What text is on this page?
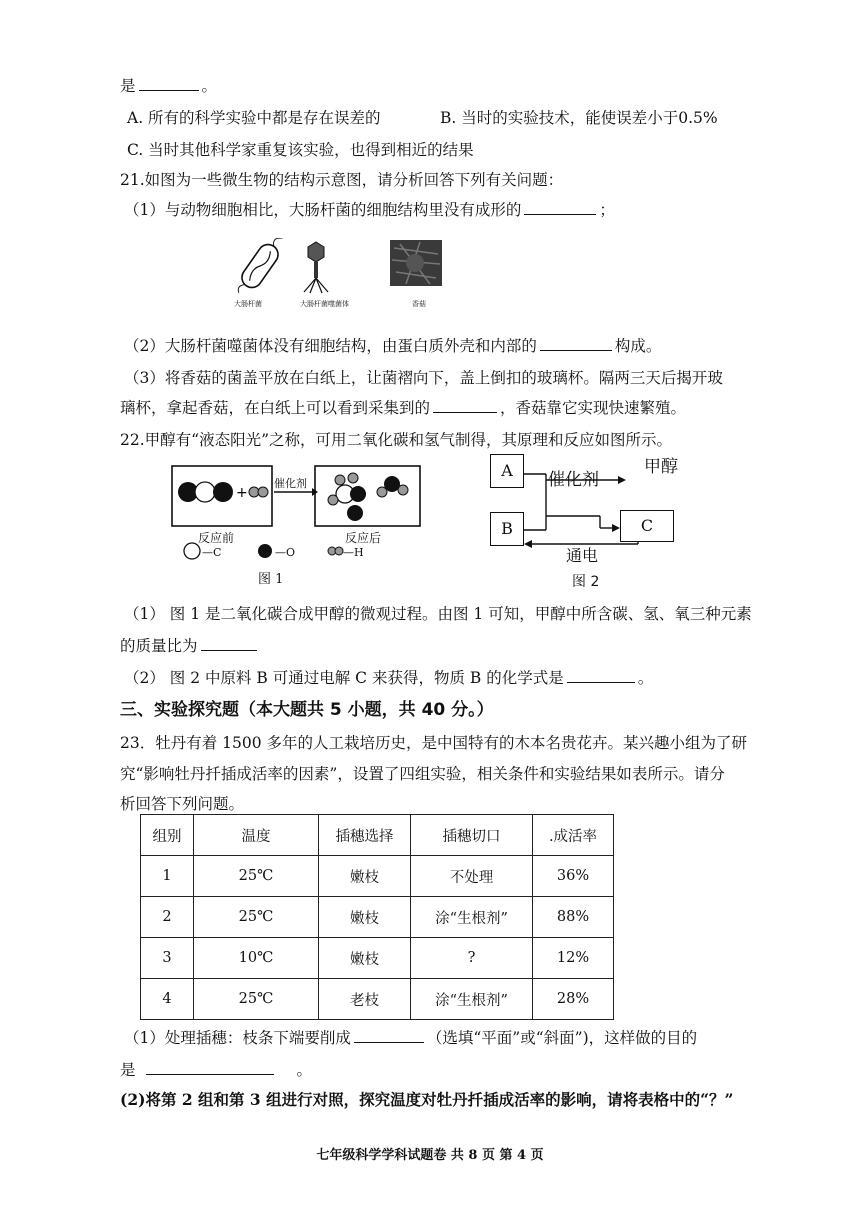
是	。
A. 所有的科学实验中都是存在误差的	B. 当时的实验技术，能使误差小于0.5%
C. 当时其他科学家重复该实验，也得到相近的结果
21.如图为一些微生物的结构示意图，请分析回答下列有关问题：
（1）与动物细胞相比，大肠杆菌的细胞结构里没有成形的	；
大肠杆菌	大肠杆菌噬菌体	香菇
（2）大肠杆菌噬菌体没有细胞结构，由蛋白质外壳和内部的	构成。
（3）将香菇的菌盖平放在白纸上，让菌褶向下，盖上倒扣的玻璃杯。隔两三天后揭开玻
璃杯，拿起香菇，在白纸上可以看到采集到的	，香菇靠它实现快速繁殖。
22.甲醇有“液态阳光”之称，可用二氧化碳和氢气制得，其原理和反应如图所示。
+
催化剂
反应前	反应后
—C	—O	—H
图 1
A
B	C
催化剂
甲醇
通电
图 2
（1） 图 1 是二氧化碳合成甲醇的微观过程。由图 1 可知，甲醇中所含碳、氢、氧三种元素
的质量比为
（2） 图 2 中原料 B 可通过电解 C 来获得，物质 B 的化学式是	。
三、实验探究题（本大题共 5 小题，共 40 分。）
23．牡丹有着 1500 多年的人工栽培历史，是中国特有的木本名贵花卉。某兴趣小组为了研
究“影响牡丹扦插成活率的因素”，设置了四组实验，相关条件和实验结果如表所示。请分
析回答下列问题。
组别	温度	插穗选择	插穗切口	.成活率
1	25℃	嫩枝	不处理	36%
2	25℃	嫩枝	涂“生根剂”	88%
3	10℃	嫩枝	?	12%
4	25℃	老枝	涂“生根剂”	28%
（1）处理插穗：枝条下端要削成	（选填“平面”或“斜面”)，这样做的目的
是	。
(2)将第 2 组和第 3 组进行对照，探究温度对牡丹扦插成活率的影响，请将表格中的“？”
七年级科学学科试题卷 共 8 页 第 4 页
